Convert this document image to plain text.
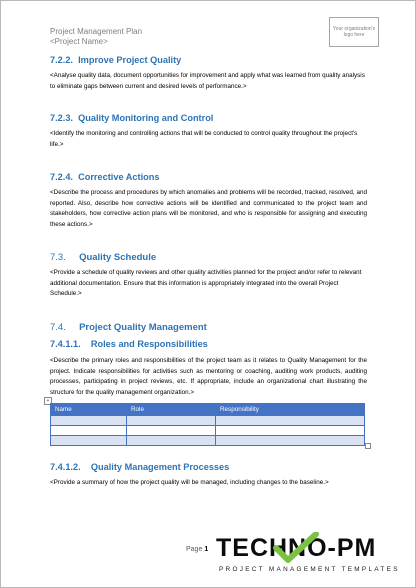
Project Management Plan
<Project Name>
Your organization's logo here
7.2.2. Improve Project Quality
<Analyse quality data, document opportunities for improvement and apply what was learned from quality analysis to eliminate gaps between current and desired levels of performance.>
7.2.3. Quality Monitoring and Control
<Identify the monitoring and controlling actions that will be conducted to control quality throughout the project's life.>
7.2.4. Corrective Actions
<Describe the process and procedures by which anomalies and problems will be recorded, tracked, resolved, and reported. Also, describe how corrective actions will be identified and communicated to the project team and stakeholders, how corrective action plans will be monitored, and who is responsible for assigning and executing these actions.>
7.3. Quality Schedule
<Provide a schedule of quality reviews and other quality activities planned for the project and/or refer to relevant additional documentation. Ensure that this information is appropriately integrated into the overall Project Schedule.>
7.4. Project Quality Management
7.4.1.1. Roles and Responsibilities
<Describe the primary roles and responsibilities of the project team as it relates to Quality Management for the project. Indicate responsibilities for activities such as mentoring or coaching, auditing work products, auditing processes, participating in project reviews, etc. If appropriate, include an organizational chart illustrating the structure for the quality management organization.>
+
Name	Role	Responsibility

7.4.1.2. Quality Management Processes
<Provide a summary of how the project quality will be managed, including changes to the baseline.>
Page 1 TECHNO-PM
PROJECT MANAGEMENT TEMPLATES
